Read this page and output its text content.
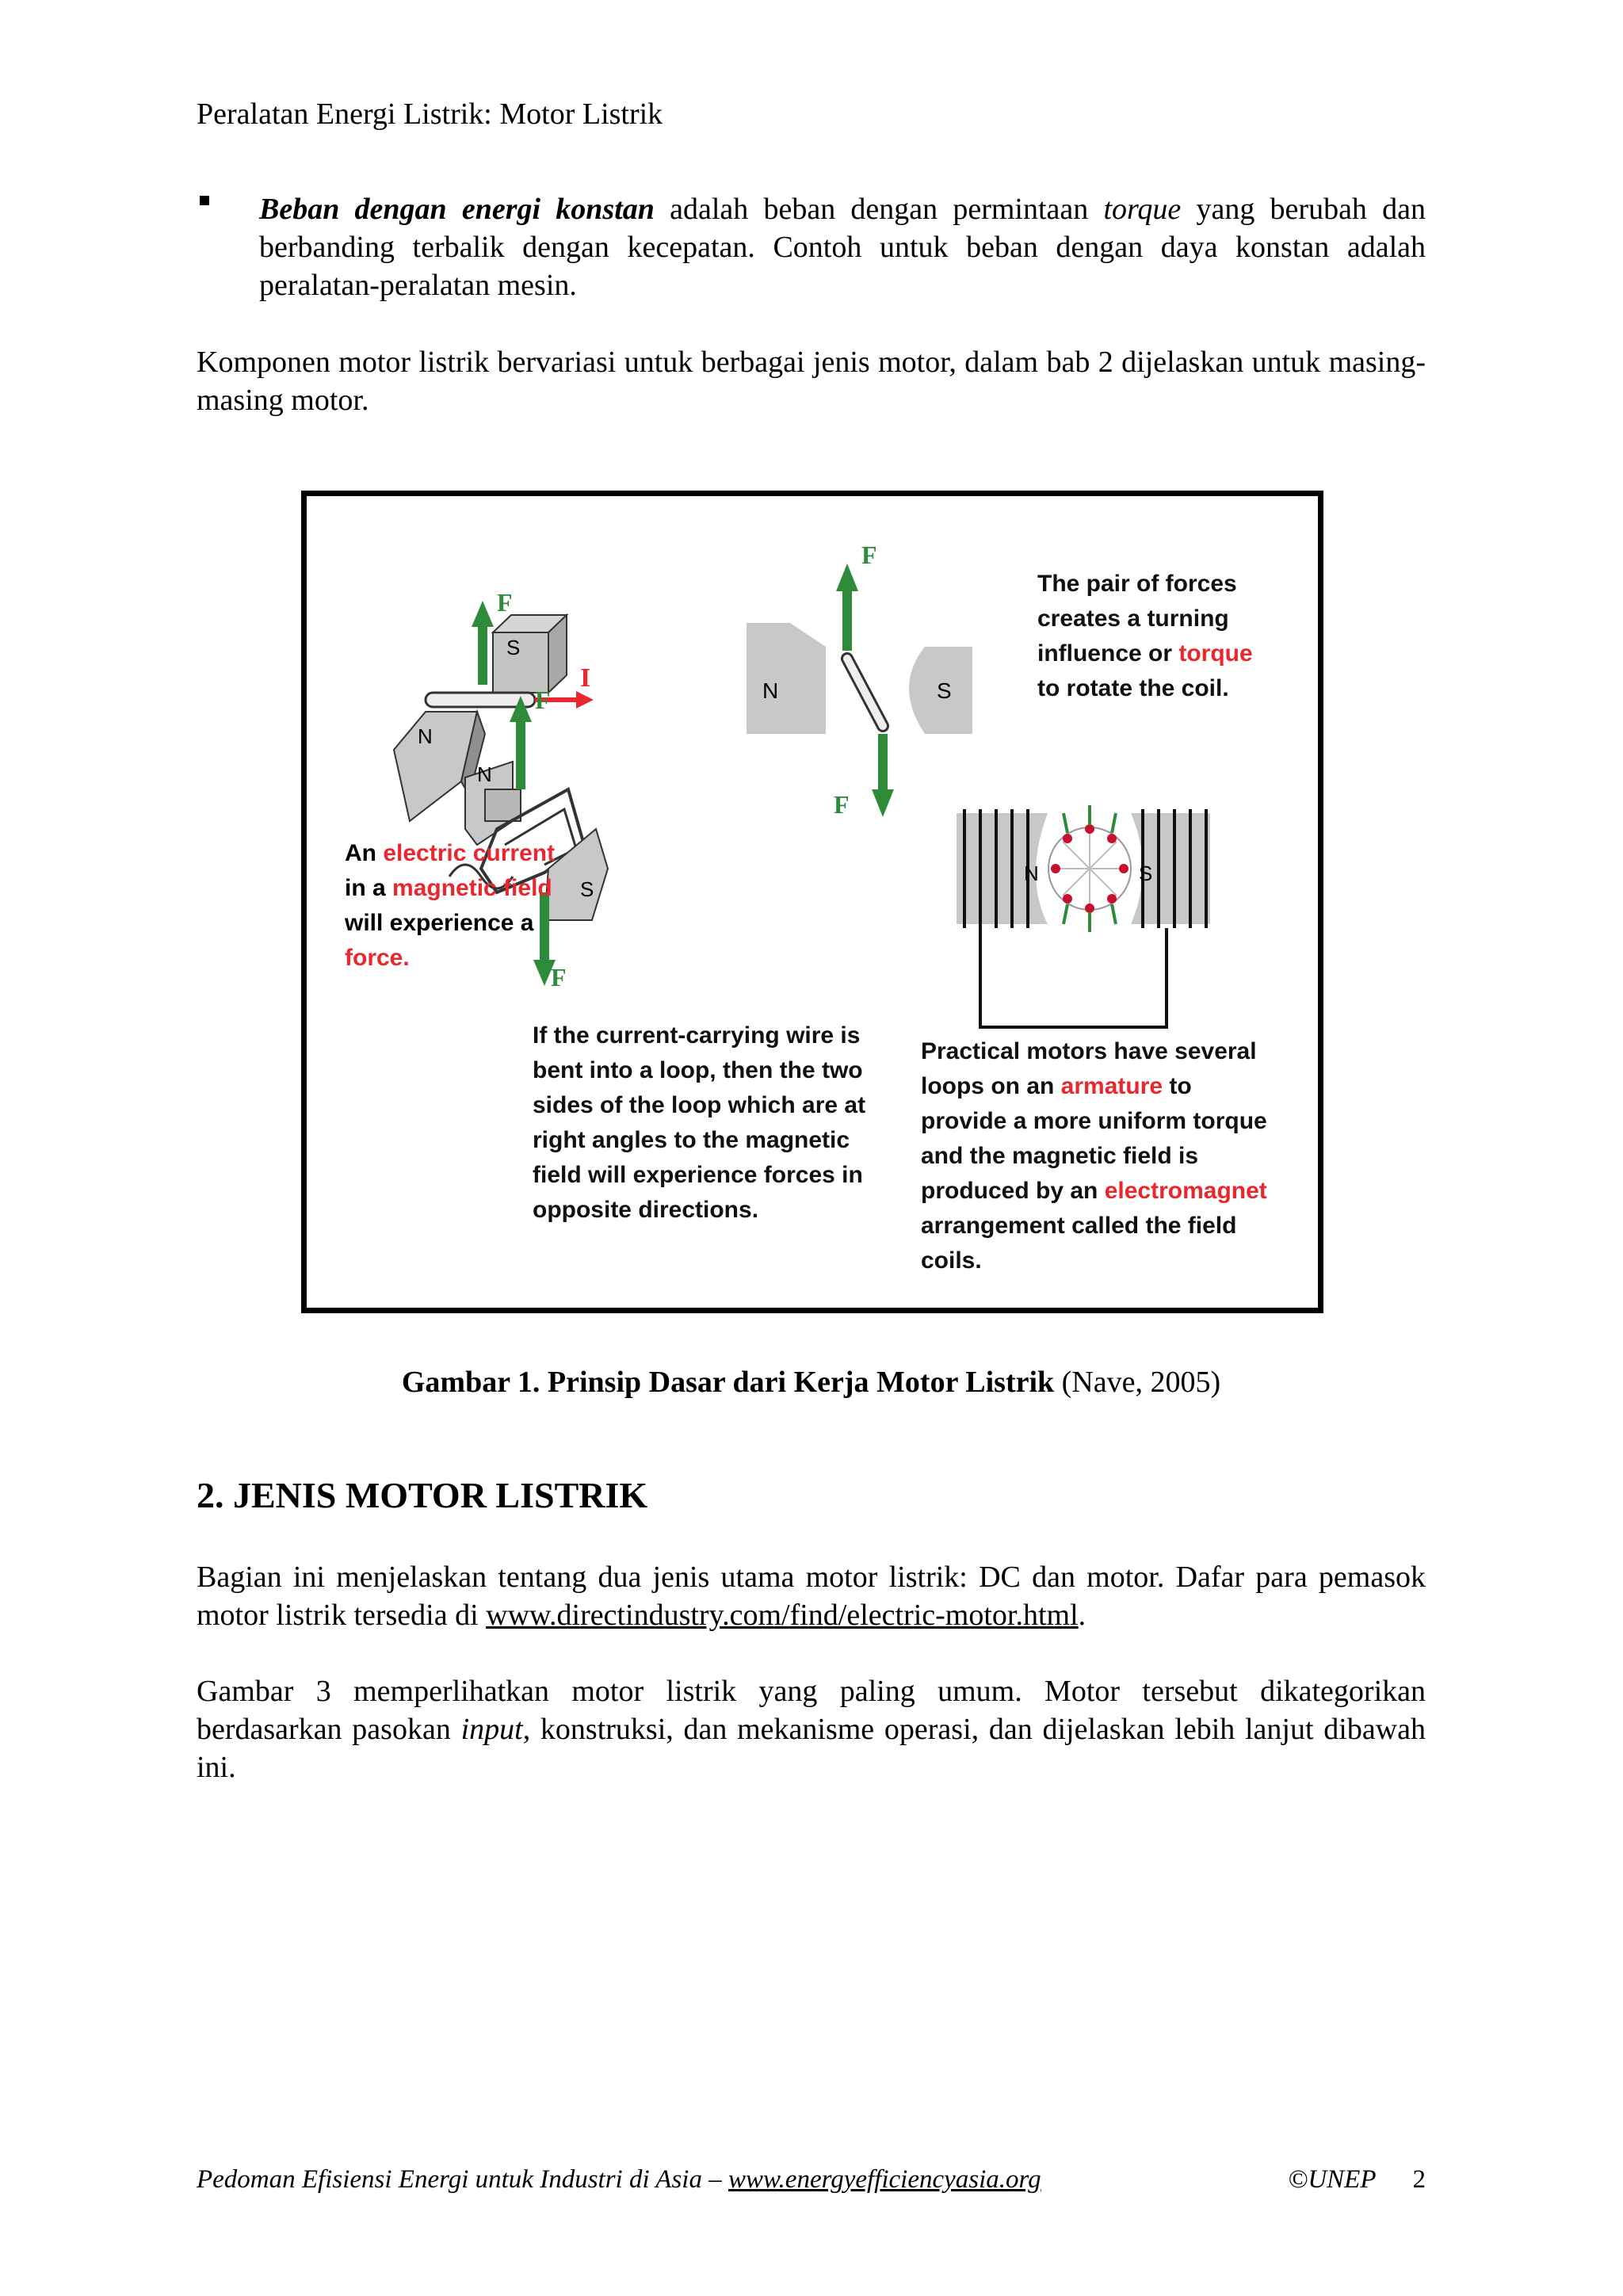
Peralatan Energi Listrik: Motor Listrik
Beban dengan energi konstan adalah beban dengan permintaan torque yang berubah dan berbanding terbalik dengan kecepatan. Contoh untuk beban dengan daya konstan adalah peralatan-peralatan mesin.
Komponen motor listrik bervariasi untuk berbagai jenis motor, dalam bab 2 dijelaskan untuk masing-masing motor.
S
I
F
N
N
F
S
F
N	S
F
F
N	S
An electric current in a magnetic field will experience a force.
The pair of forces creates a turning influence or torque to rotate the coil.
If the current-carrying wire is bent into a loop, then the two sides of the loop which are at right angles to the magnetic field will experience forces in opposite directions.
Practical motors have several loops on an armature to provide a more uniform torque and the magnetic field is produced by an electromagnet arrangement called the field coils.
Gambar 1. Prinsip Dasar dari Kerja Motor Listrik (Nave, 2005)
2. JENIS MOTOR LISTRIK
Bagian ini menjelaskan tentang dua jenis utama motor listrik: DC dan motor. Dafar para pemasok motor listrik tersedia di www.directindustry.com/find/electric-motor.html.
Gambar 3 memperlihatkan motor listrik yang paling umum. Motor tersebut dikategorikan berdasarkan pasokan input, konstruksi, dan mekanisme operasi, dan dijelaskan lebih lanjut dibawah ini.
Pedoman Efisiensi Energi untuk Industri di Asia – www.energyefficiencyasia.org	©UNEP 2
